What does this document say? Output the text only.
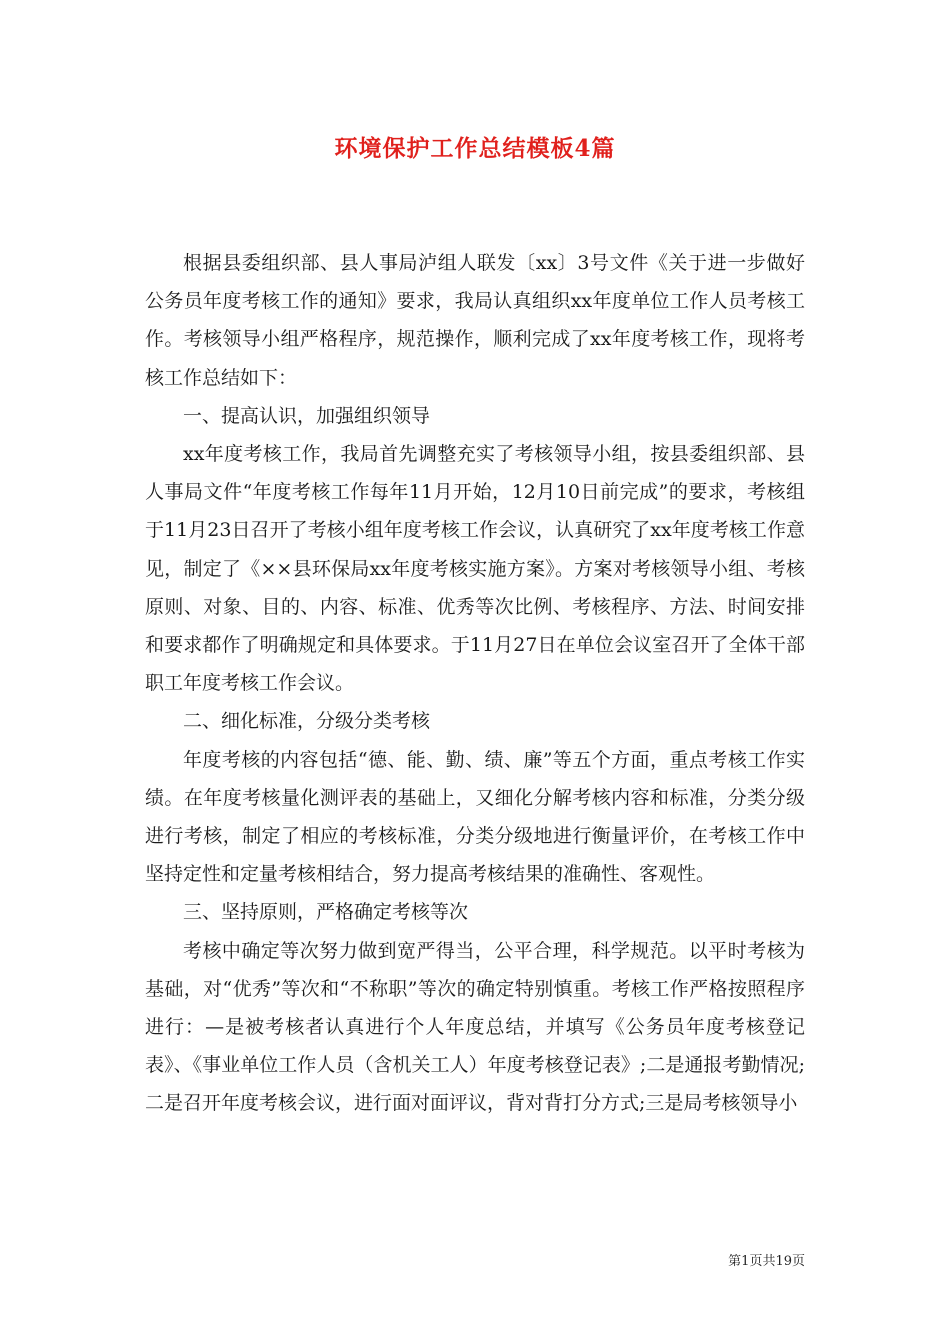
环境保护工作总结模板4篇

根据县委组织部、县人事局泸组人联发〔xx〕3号文件《关于进一步做好公务员年度考核工作的通知》要求，我局认真组织xx年度单位工作人员考核工作。考核领导小组严格程序，规范操作，顺利完成了xx年度考核工作，现将考核工作总结如下：

一、提高认识，加强组织领导

xx年度考核工作，我局首先调整充实了考核领导小组，按县委组织部、县人事局文件“年度考核工作每年11月开始，12月10日前完成”的要求，考核组于11月23日召开了考核小组年度考核工作会议，认真研究了xx年度考核工作意见，制定了《××县环保局xx年度考核实施方案》。方案对考核领导小组、考核原则、对象、目的、内容、标准、优秀等次比例、考核程序、方法、时间安排和要求都作了明确规定和具体要求。于11月27日在单位会议室召开了全体干部职工年度考核工作会议。

二、细化标准，分级分类考核

年度考核的内容包括“德、能、勤、绩、廉”等五个方面，重点考核工作实绩。在年度考核量化测评表的基础上，又细化分解考核内容和标准，分类分级进行考核，制定了相应的考核标准，分类分级地进行衡量评价，在考核工作中坚持定性和定量考核相结合，努力提高考核结果的准确性、客观性。

三、坚持原则，严格确定考核等次

考核中确定等次努力做到宽严得当，公平合理，科学规范。以平时考核为基础，对“优秀”等次和“不称职”等次的确定特别慎重。考核工作严格按照程序进行：—是被考核者认真进行个人年度总结，并填写《公务员年度考核登记表》、《事业单位工作人员（含机关工人）年度考核登记表》;二是通报考勤情况;二是召开年度考核会议，进行面对面评议，背对背打分方式;三是局考核领导小

第1页共19页
